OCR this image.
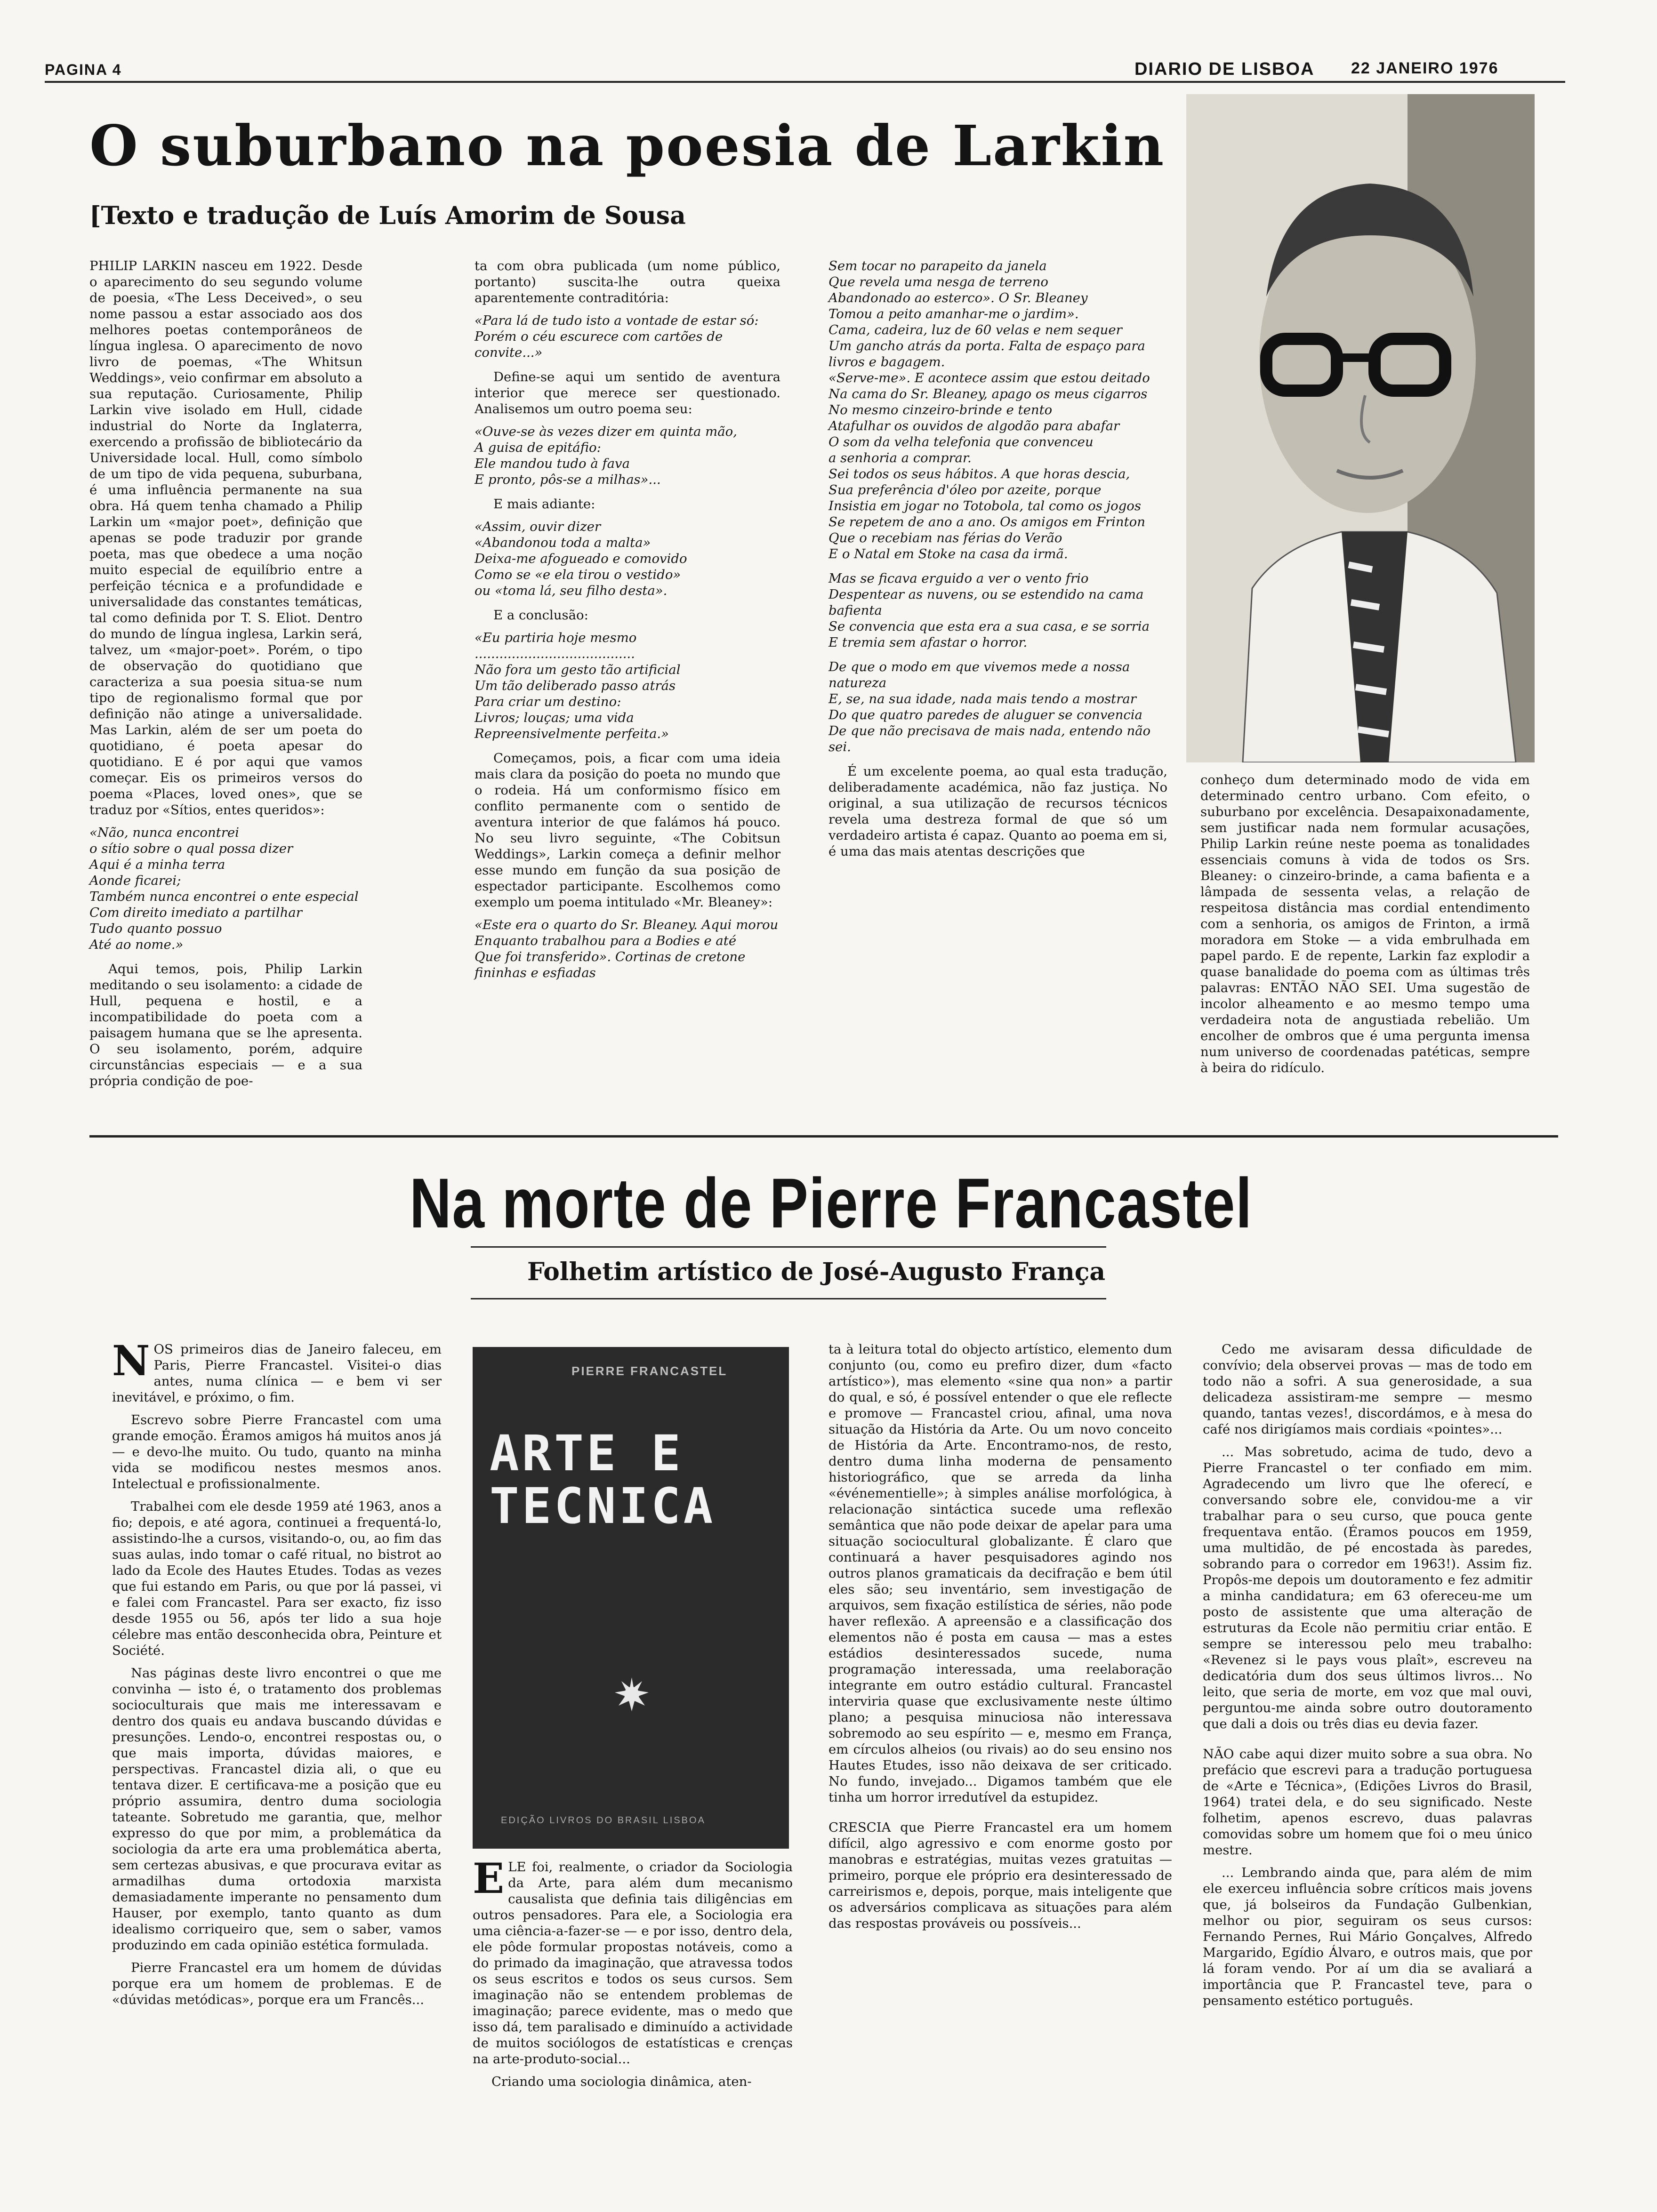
PAGINA 4	DIARIO DE LISBOA 22 JANEIRO 1976
O suburbano na poesia de Larkin
[Texto e tradução de Luís Amorim de Sousa

PHILIP LARKIN nasceu em 1922. Desde o aparecimento do seu segundo volume de poesia, «The Less Deceived», o seu nome passou a estar associado aos dos melhores poetas contemporâneos de língua inglesa. O aparecimento de novo livro de poemas, «The Whitsun Weddings», veio confirmar em absoluto a sua reputação. Curiosamente, Philip Larkin vive isolado em Hull, cidade industrial do Norte da Inglaterra, exercendo a profissão de bibliotecário da Universidade local. Hull, como símbolo de um tipo de vida pequena, suburbana, é uma influência permanente na sua obra. Há quem tenha chamado a Philip Larkin um «major poet», definição que apenas se pode traduzir por grande poeta, mas que obedece a uma noção muito especial de equilíbrio entre a perfeição técnica e a profundidade e universalidade das constantes temáticas, tal como definida por T. S. Eliot. Dentro do mundo de língua inglesa, Larkin será, talvez, um «major-poet». Porém, o tipo de observação do quotidiano que caracteriza a sua poesia situa-se num tipo de regionalismo formal que por definição não atinge a universalidade. Mas Larkin, além de ser um poeta do quotidiano, é poeta apesar do quotidiano. E é por aqui que vamos começar. Eis os primeiros versos do poema «Places, loved ones», que se traduz por «Sítios, entes queridos»:

«Não, nunca encontrei
o sítio sobre o qual possa dizer
Aqui é a minha terra
Aonde ficarei;
Também nunca encontrei o ente especial
Com direito imediato a partilhar
Tudo quanto possuo
Até ao nome.»

Aqui temos, pois, Philip Larkin meditando o seu isolamento: a cidade de Hull, pequena e hostil, e a incompatibilidade do poeta com a paisagem humana que se lhe apresenta. O seu isolamento, porém, adquire circunstâncias especiais — e a sua própria condição de poe-

ta com obra publicada (um nome público, portanto) suscita-lhe outra queixa aparentemente contraditória:

«Para lá de tudo isto a vontade de estar só:
Porém o céu escurece com cartões de convite...»

Define-se aqui um sentido de aventura interior que merece ser questionado. Analisemos um outro poema seu:

«Ouve-se às vezes dizer em quinta mão,
A guisa de epitáfio:
Ele mandou tudo à fava
E pronto, pôs-se a milhas»...

E mais adiante:

«Assim, ouvir dizer
«Abandonou toda a malta»
Deixa-me afogueado e comovido
Como se «e ela tirou o vestido»
ou «toma lá, seu filho desta».

E a conclusão:

«Eu partiria hoje mesmo
.......................................
Não fora um gesto tão artificial
Um tão deliberado passo atrás
Para criar um destino:
Livros; louças; uma vida
Repreensivelmente perfeita.»

Começamos, pois, a ficar com uma ideia mais clara da posição do poeta no mundo que o rodeia. Há um conformismo físico em conflito permanente com o sentido de aventura interior de que falámos há pouco. No seu livro seguinte, «The Cobitsun Weddings», Larkin começa a definir melhor esse mundo em função da sua posição de espectador participante. Escolhemos como exemplo um poema intitulado «Mr. Bleaney»:

«Este era o quarto do Sr. Bleaney. Aqui morou
Enquanto trabalhou para a Bodies e até
Que foi transferido». Cortinas de cretone fininhas e esfiadas
Sem tocar no parapeito da janela
Que revela uma nesga de terreno
Abandonado ao esterco». O Sr. Bleaney
Tomou a peito amanhar-me o jardim».
Cama, cadeira, luz de 60 velas e nem sequer
Um gancho atrás da porta. Falta de espaço para livros e bagagem.
«Serve-me». E acontece assim que estou deitado
Na cama do Sr. Bleaney, apago os meus cigarros
No mesmo cinzeiro-brinde e tento
Atafulhar os ouvidos de algodão para abafar
O som da velha telefonia que convenceu
a senhoria a comprar.
Sei todos os seus hábitos. A que horas descia,
Sua preferência d'óleo por azeite, porque
Insistia em jogar no Totobola, tal como os jogos
Se repetem de ano a ano. Os amigos em Frinton
Que o recebiam nas férias do Verão
E o Natal em Stoke na casa da irmã.
Mas se ficava erguido a ver o vento frio
Despentear as nuvens, ou se estendido na cama bafienta
Se convencia que esta era a sua casa, e se sorria
E tremia sem afastar o horror.
De que o modo em que vivemos mede a nossa natureza
E, se, na sua idade, nada mais tendo a mostrar
Do que quatro paredes de aluguer se convencia
De que não precisava de mais nada, entendo não sei.

É um excelente poema, ao qual esta tradução, deliberadamente académica, não faz justiça. No original, a sua utilização de recursos técnicos revela uma destreza formal de que só um verdadeiro artista é capaz. Quanto ao poema em si, é uma das mais atentas descrições que

conheço dum determinado modo de vida em determinado centro urbano. Com efeito, o suburbano por excelência. Desapaixonadamente, sem justificar nada nem formular acusações, Philip Larkin reúne neste poema as tonalidades essenciais comuns à vida de todos os Srs. Bleaney: o cinzeiro-brinde, a cama bafienta e a lâmpada de sessenta velas, a relação de respeitosa distância mas cordial entendimento com a senhoria, os amigos de Frinton, a irmã moradora em Stoke — a vida embrulhada em papel pardo. E de repente, Larkin faz explodir a quase banalidade do poema com as últimas três palavras: ENTÃO NÃO SEI. Uma sugestão de incolor alheamento e ao mesmo tempo uma verdadeira nota de angustiada rebelião. Um encolher de ombros que é uma pergunta imensa num universo de coordenadas patéticas, sempre à beira do ridículo.

Na morte de Pierre Francastel
Folhetim artístico de José-Augusto França

NOS primeiros dias de Janeiro faleceu, em Paris, Pierre Francastel. Visitei-o dias antes, numa clínica — e bem vi ser inevitável, e próximo, o fim.

Escrevo sobre Pierre Francastel com uma grande emoção. Éramos amigos há muitos anos já — e devo-lhe muito. Ou tudo, quanto na minha vida se modificou nestes mesmos anos. Intelectual e profissionalmente.

Trabalhei com ele desde 1959 até 1963, anos a fio; depois, e até agora, continuei a frequentá-lo, assistindo-lhe a cursos, visitando-o, ou, ao fim das suas aulas, indo tomar o café ritual, no bistrot ao lado da Ecole des Hautes Etudes. Todas as vezes que fui estando em Paris, ou que por lá passei, vi e falei com Francastel. Para ser exacto, fiz isso desde 1955 ou 56, após ter lido a sua hoje célebre mas então desconhecida obra, Peinture et Société.

Nas páginas deste livro encontrei o que me convinha — isto é, o tratamento dos problemas socioculturais que mais me interessavam e dentro dos quais eu andava buscando dúvidas e presunções. Lendo-o, encontrei respostas ou, o que mais importa, dúvidas maiores, e perspectivas. Francastel dizia ali, o que eu tentava dizer. E certificava-me a posição que eu próprio assumira, dentro duma sociologia tateante. Sobretudo me garantia, que, melhor expresso do que por mim, a problemática da sociologia da arte era uma problemática aberta, sem certezas abusivas, e que procurava evitar as armadilhas duma ortodoxia marxista demasiadamente imperante no pensamento dum Hauser, por exemplo, tanto quanto as dum idealismo corriqueiro que, sem o saber, vamos produzindo em cada opinião estética formulada.

Pierre Francastel era um homem de dúvidas porque era um homem de problemas. E de «dúvidas metódicas», porque era um Francês...

PIERRE FRANCASTEL
ARTE E TECNICA
EDIÇÃO LIVROS DO BRASIL LISBOA

ELE foi, realmente, o criador da Sociologia da Arte, para além dum mecanismo causalista que definia tais diligências em outros pensadores. Para ele, a Sociologia era uma ciência-a-fazer-se — e por isso, dentro dela, ele pôde formular propostas notáveis, como a do primado da imaginação, que atravessa todos os seus escritos e todos os seus cursos. Sem imaginação não se entendem problemas de imaginação; parece evidente, mas o medo que isso dá, tem paralisado e diminuído a actividade de muitos sociólogos de estatísticas e crenças na arte-produto-social...

Criando uma sociologia dinâmica, aten-

ta à leitura total do objecto artístico, elemento dum conjunto (ou, como eu prefiro dizer, dum «facto artístico»), mas elemento «sine qua non» a partir do qual, e só, é possível entender o que ele reflecte e promove — Francastel criou, afinal, uma nova situação da História da Arte. Ou um novo conceito de História da Arte. Encontramo-nos, de resto, dentro duma linha moderna de pensamento historiográfico, que se arreda da linha «événementielle»; à simples análise morfológica, à relacionação sintáctica sucede uma reflexão semântica que não pode deixar de apelar para uma situação sociocultural globalizante. É claro que continuará a haver pesquisadores agindo nos outros planos gramaticais da decifração e bem útil eles são; seu inventário, sem investigação de arquivos, sem fixação estilística de séries, não pode haver reflexão. A apreensão e a classificação dos elementos não é posta em causa — mas a estes estádios desinteressados sucede, numa programação interessada, uma reelaboração integrante em outro estádio cultural. Francastel interviria quase que exclusivamente neste último plano; a pesquisa minuciosa não interessava sobremodo ao seu espírito — e, mesmo em França, em círculos alheios (ou rivais) ao do seu ensino nos Hautes Etudes, isso não deixava de ser criticado. No fundo, invejado... Digamos também que ele tinha um horror irredutível da estupidez.

CRESCIA que Pierre Francastel era um homem difícil, algo agressivo e com enorme gosto por manobras e estratégias, muitas vezes gratuitas — primeiro, porque ele próprio era desinteressado de carreirismos e, depois, porque, mais inteligente que os adversários complicava as situações para além das respostas prováveis ou possíveis...

Cedo me avisaram dessa dificuldade de convívio; dela observei provas — mas de todo em todo não a sofri. A sua generosidade, a sua delicadeza assistiram-me sempre — mesmo quando, tantas vezes!, discordámos, e à mesa do café nos dirigíamos mais cordiais «pointes»...

... Mas sobretudo, acima de tudo, devo a Pierre Francastel o ter confiado em mim. Agradecendo um livro que lhe oferecí, e conversando sobre ele, convidou-me a vir trabalhar para o seu curso, que pouca gente frequentava então. (Éramos poucos em 1959, uma multidão, de pé encostada às paredes, sobrando para o corredor em 1963!). Assim fiz. Propôs-me depois um doutoramento e fez admitir a minha candidatura; em 63 ofereceu-me um posto de assistente que uma alteração de estruturas da Ecole não permitiu criar então. E sempre se interessou pelo meu trabalho: «Revenez si le pays vous plaît», escreveu na dedicatória dum dos seus últimos livros... No leito, que seria de morte, em voz que mal ouvi, perguntou-me ainda sobre outro doutoramento que dali a dois ou três dias eu devia fazer.

NÃO cabe aqui dizer muito sobre a sua obra. No prefácio que escrevi para a tradução portuguesa de «Arte e Técnica», (Edições Livros do Brasil, 1964) tratei dela, e do seu significado. Neste folhetim, apenos escrevo, duas palavras comovidas sobre um homem que foi o meu único mestre.

... Lembrando ainda que, para além de mim ele exerceu influência sobre críticos mais jovens que, já bolseiros da Fundação Gulbenkian, melhor ou pior, seguiram os seus cursos: Fernando Pernes, Rui Mário Gonçalves, Alfredo Margarido, Egídio Álvaro, e outros mais, que por lá foram vendo. Por aí um dia se avaliará a importância que P. Francastel teve, para o pensamento estético português.
